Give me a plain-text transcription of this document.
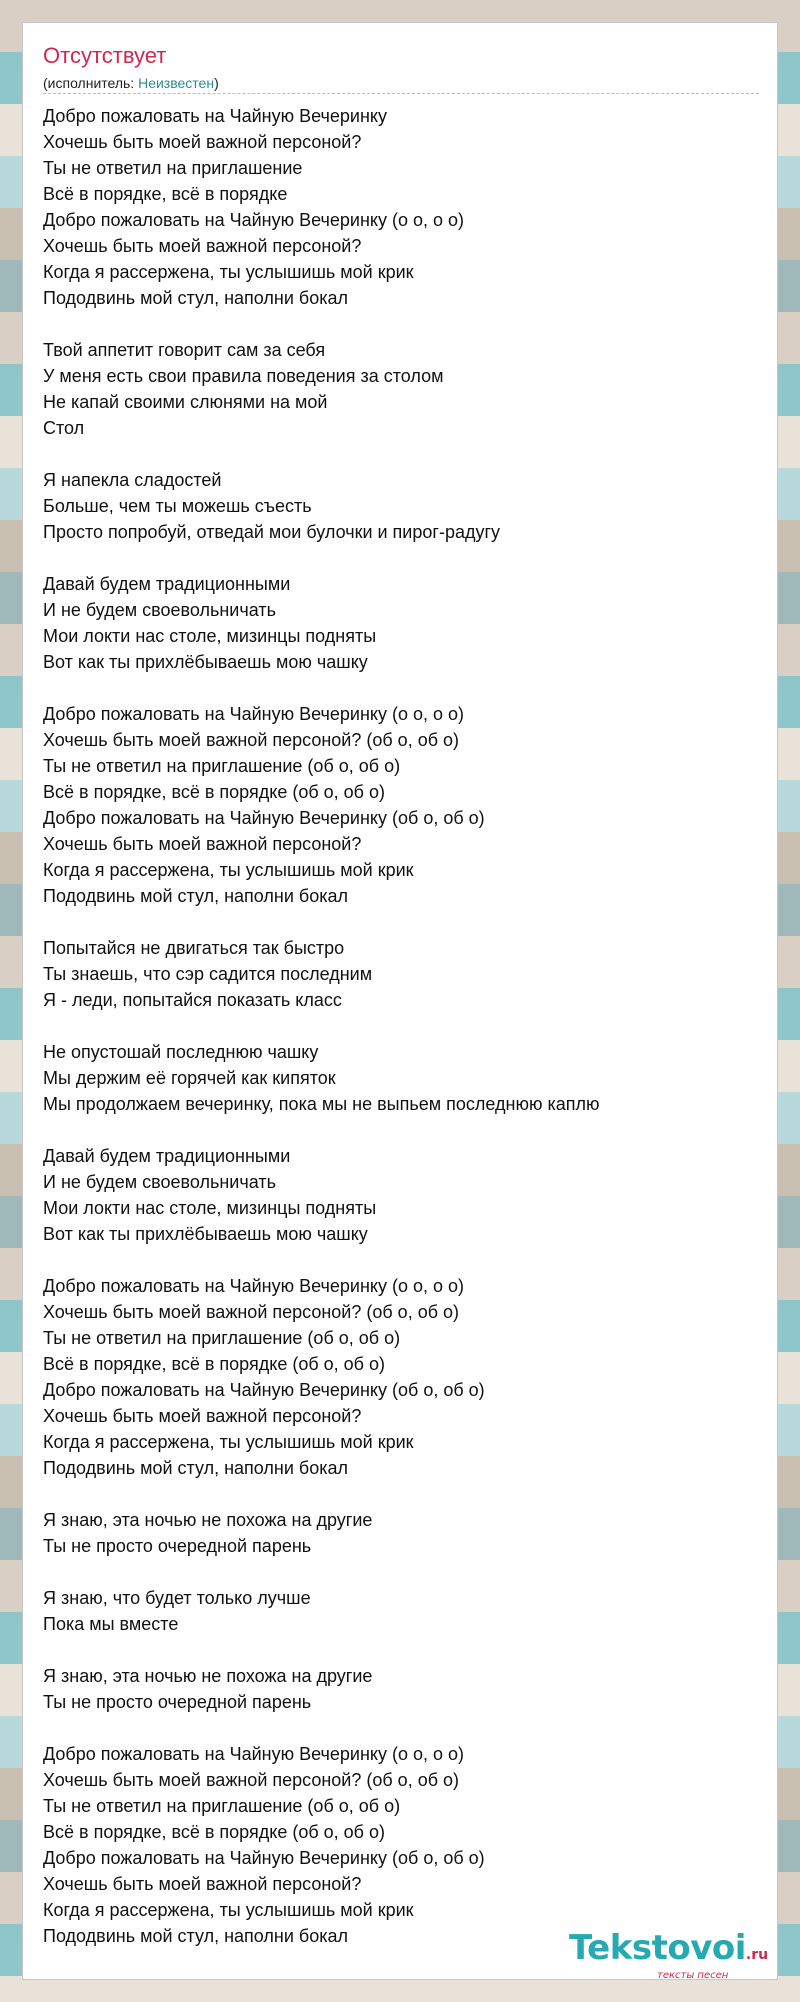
Отсутствует
(исполнитель: Неизвестен)
Добро пожаловать на Чайную Вечеринку
Хочешь быть моей важной персоной?
Ты не ответил на приглашение
Всё в порядке, всё в порядке
Добро пожаловать на Чайную Вечеринку (о о, о о)
Хочешь быть моей важной персоной?
Когда я рассержена, ты услышишь мой крик
Пододвинь мой стул, наполни бокал
Твой аппетит говорит сам за себя
У меня есть свои правила поведения за столом
Не капай своими слюнями на мой
Стол
Я напекла сладостей
Больше, чем ты можешь съесть
Просто попробуй, отведай мои булочки и пирог-радугу
Давай будем традиционными
И не будем своевольничать
Мои локти нас столе, мизинцы подняты
Вот как ты прихлёбываешь мою чашку
Добро пожаловать на Чайную Вечеринку (о о, о о)
Хочешь быть моей важной персоной? (об о, об о)
Ты не ответил на приглашение (об о, об о)
Всё в порядке, всё в порядке (об о, об о)
Добро пожаловать на Чайную Вечеринку (об о, об о)
Хочешь быть моей важной персоной?
Когда я рассержена, ты услышишь мой крик
Пододвинь мой стул, наполни бокал
Попытайся не двигаться так быстро
Ты знаешь, что сэр садится последним
Я - леди, попытайся показать класс
Не опустошай последнюю чашку
Мы держим её горячей как кипяток
Мы продолжаем вечеринку, пока мы не выпьем последнюю каплю
Давай будем традиционными
И не будем своевольничать
Мои локти нас столе, мизинцы подняты
Вот как ты прихлёбываешь мою чашку
Добро пожаловать на Чайную Вечеринку (о о, о о)
Хочешь быть моей важной персоной? (об о, об о)
Ты не ответил на приглашение (об о, об о)
Всё в порядке, всё в порядке (об о, об о)
Добро пожаловать на Чайную Вечеринку (об о, об о)
Хочешь быть моей важной персоной?
Когда я рассержена, ты услышишь мой крик
Пододвинь мой стул, наполни бокал
Я знаю, эта ночью не похожа на другие
Ты не просто очередной парень
Я знаю, что будет только лучше
Пока мы вместе
Я знаю, эта ночью не похожа на другие
Ты не просто очередной парень
Добро пожаловать на Чайную Вечеринку (о о, о о)
Хочешь быть моей важной персоной? (об о, об о)
Ты не ответил на приглашение (об о, об о)
Всё в порядке, всё в порядке (об о, об о)
Добро пожаловать на Чайную Вечеринку (об о, об о)
Хочешь быть моей важной персоной?
Когда я рассержена, ты услышишь мой крик
Пододвинь мой стул, наполни бокал	Tekstovoi.ru
тексты песен
